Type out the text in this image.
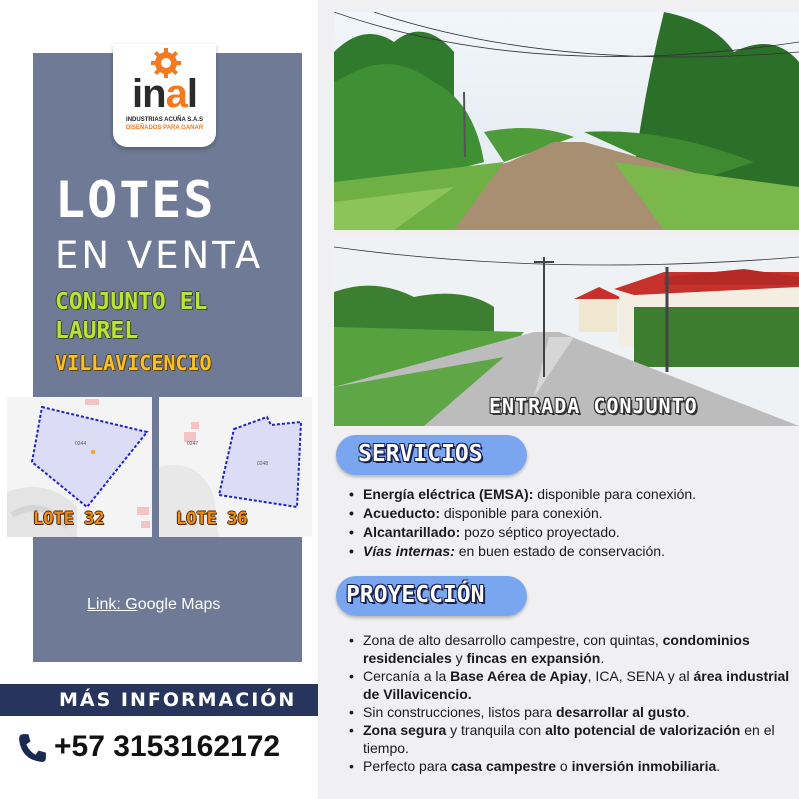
inal
INDUSTRIAS ACUÑA S.A.S
DISEÑADOS PARA GANAR
LOTES
EN VENTA
CONJUNTO EL LAUREL
VILLAVICENCIO
0244
LOTE 32
0247
0248
LOTE 36
Link: Google Maps
MÁS INFORMACIÓN
+57 3153162172
ENTRADA CONJUNTO
SERVICIOS
• Energía eléctrica (EMSA): disponible para conexión.
• Acueducto: disponible para conexión.
• Alcantarillado: pozo séptico proyectado.
• Vías internas: en buen estado de conservación.
PROYECCIÓN
• Zona de alto desarrollo campestre, con quintas, condominios residenciales y fincas en expansión.
• Cercanía a la Base Aérea de Apiay, ICA, SENA y al área industrial de Villavicencio.
• Sin construcciones, listos para desarrollar al gusto.
• Zona segura y tranquila con alto potencial de valorización en el tiempo.
• Perfecto para casa campestre o inversión inmobiliaria.
